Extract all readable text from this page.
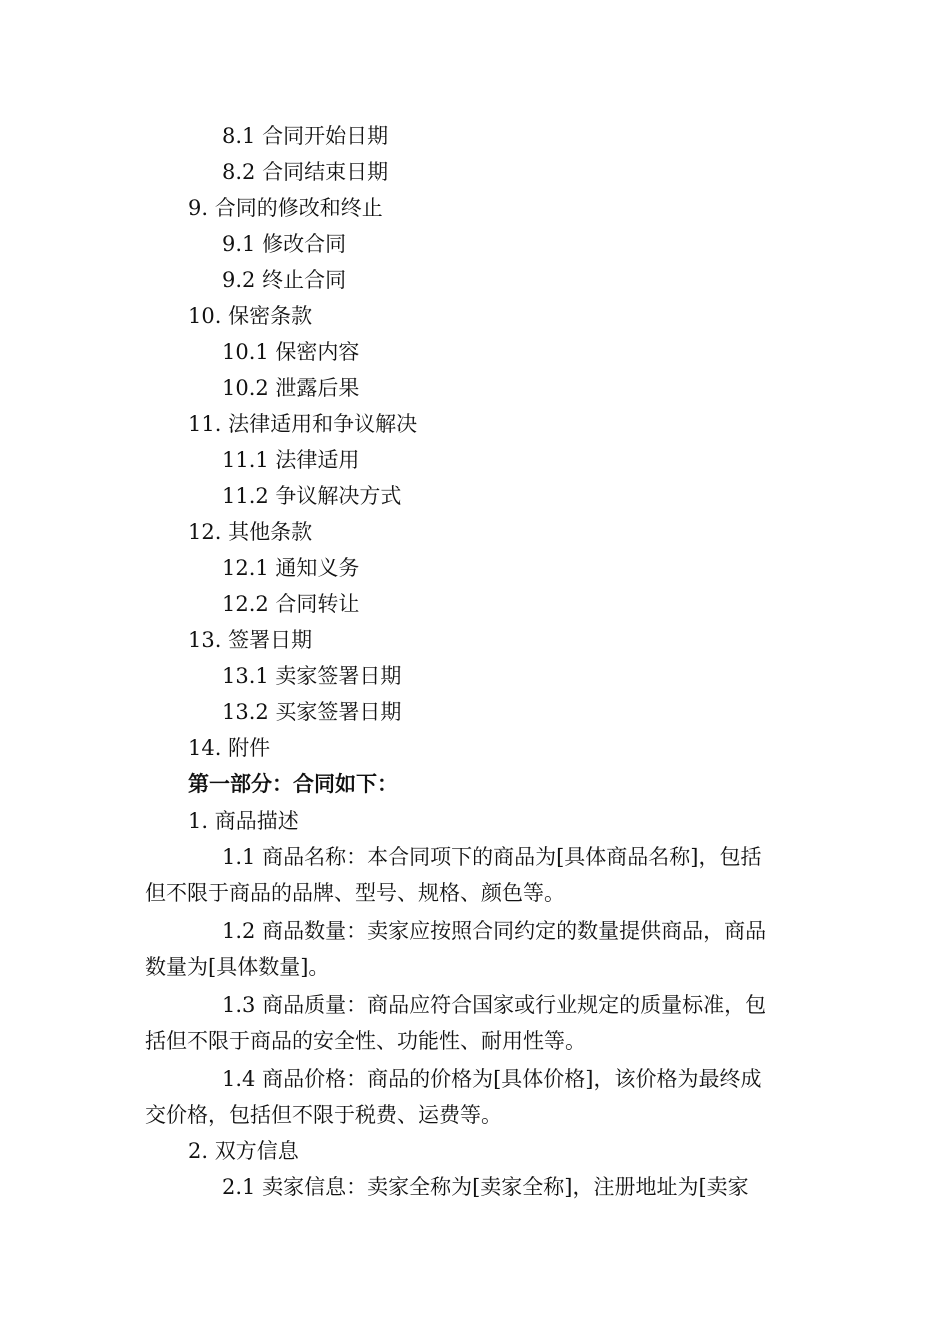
8.1 合同开始日期
8.2 合同结束日期
9. 合同的修改和终止
9.1 修改合同
9.2 终止合同
10. 保密条款
10.1 保密内容
10.2 泄露后果
11. 法律适用和争议解决
11.1 法律适用
11.2 争议解决方式
12. 其他条款
12.1 通知义务
12.2 合同转让
13. 签署日期
13.1 卖家签署日期
13.2 买家签署日期
14. 附件
第一部分：合同如下：
1. 商品描述
1.1 商品名称：本合同项下的商品为[具体商品名称]，包括
但不限于商品的品牌、型号、规格、颜色等。
1.2 商品数量：卖家应按照合同约定的数量提供商品，商品
数量为[具体数量]。
1.3 商品质量：商品应符合国家或行业规定的质量标准，包
括但不限于商品的安全性、功能性、耐用性等。
1.4 商品价格：商品的价格为[具体价格]，该价格为最终成
交价格，包括但不限于税费、运费等。
2. 双方信息
2.1 卖家信息：卖家全称为[卖家全称]，注册地址为[卖家
